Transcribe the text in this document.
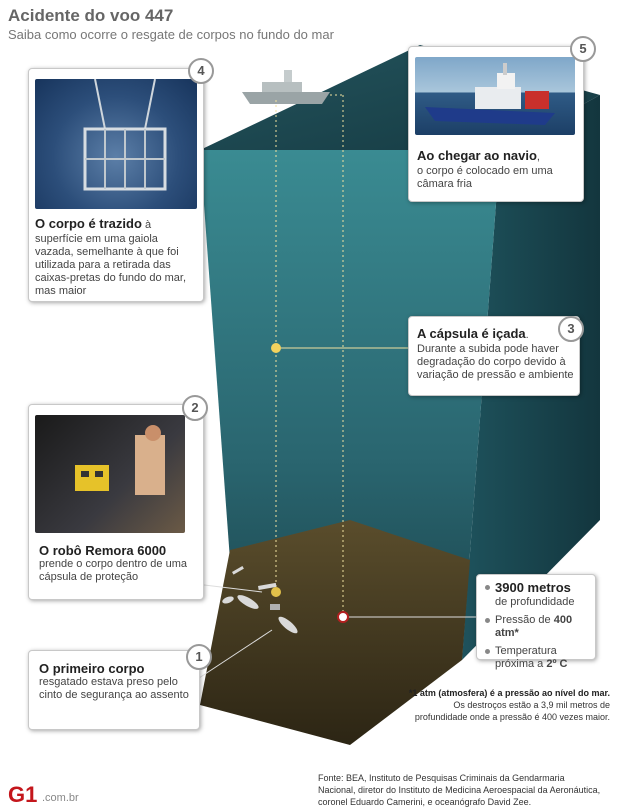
Acidente do voo 447
Saiba como ocorre o resgate de corpos no fundo do mar
O corpo é trazido à
superfície em uma gaiola vazada, semelhante à que foi utilizada para a retirada das caixas-pretas do fundo do mar, mas maior
4
Ao chegar ao navio,
o corpo é colocado em uma câmara fria
5
A cápsula é içada.
Durante a subida pode haver degradação do corpo devido à variação de pressão e ambiente
3
O robô Remora 6000
prende o corpo dentro de uma cápsula de proteção
2
O primeiro corpo
resgatado estava preso pelo cinto de segurança ao assento
1
3900 metros
de profundidade
Pressão de 400 atm*
Temperatura próxima a 2º C
*1 atm (atmosfera) é a pressão ao nível do mar.
Os destroços estão a 3,9 mil metros de
profundidade onde a pressão é 400 vezes maior.
G1 .com.br
Fonte: BEA, Instituto de Pesquisas Criminais da Gendarmaria
Nacional, diretor do Instituto de Medicina Aeroespacial da Aeronáutica,
coronel Eduardo Camerini, e oceanógrafo David Zee.
